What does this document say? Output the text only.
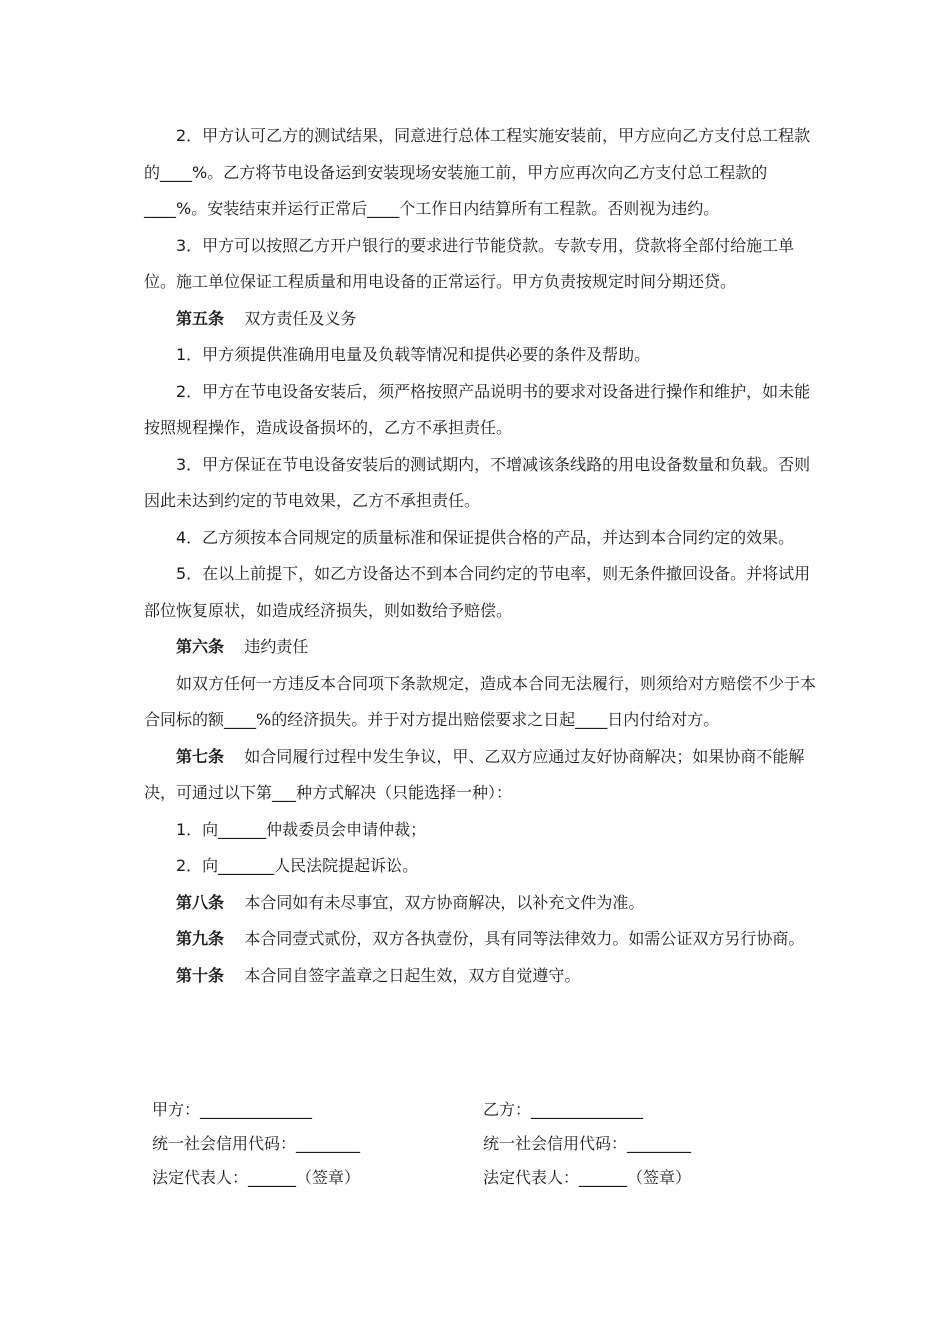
2．甲方认可乙方的测试结果，同意进行总体工程实施安装前，甲方应向乙方支付总工程款的____%。乙方将节电设备运到安装现场安装施工前，甲方应再次向乙方支付总工程款的____%。安装结束并运行正常后____个工作日内结算所有工程款。否则视为违约。

3．甲方可以按照乙方开户银行的要求进行节能贷款。专款专用，贷款将全部付给施工单位。施工单位保证工程质量和用电设备的正常运行。甲方负责按规定时间分期还贷。

第五条 双方责任及义务

1．甲方须提供准确用电量及负载等情况和提供必要的条件及帮助。

2．甲方在节电设备安装后，须严格按照产品说明书的要求对设备进行操作和维护，如未能按照规程操作，造成设备损坏的，乙方不承担责任。

3．甲方保证在节电设备安装后的测试期内，不增减该条线路的用电设备数量和负载。否则因此未达到约定的节电效果，乙方不承担责任。

4．乙方须按本合同规定的质量标准和保证提供合格的产品，并达到本合同约定的效果。

5．在以上前提下，如乙方设备达不到本合同约定的节电率，则无条件撤回设备。并将试用部位恢复原状，如造成经济损失，则如数给予赔偿。

第六条 违约责任

如双方任何一方违反本合同项下条款规定，造成本合同无法履行，则须给对方赔偿不少于本合同标的额____%的经济损失。并于对方提出赔偿要求之日起____日内付给对方。

第七条 如合同履行过程中发生争议，甲、乙双方应通过友好协商解决；如果协商不能解决，可通过以下第___种方式解决（只能选择一种）：

1．向______仲裁委员会申请仲裁；

2．向_______人民法院提起诉讼。

第八条 本合同如有未尽事宜，双方协商解决，以补充文件为准。

第九条 本合同壹式贰份，双方各执壹份，具有同等法律效力。如需公证双方另行协商。

第十条 本合同自签字盖章之日起生效，双方自觉遵守。

甲方：______________	乙方：______________
统一社会信用代码：________	统一社会信用代码：________
法定代表人：______（签章）	法定代表人：______（签章）
